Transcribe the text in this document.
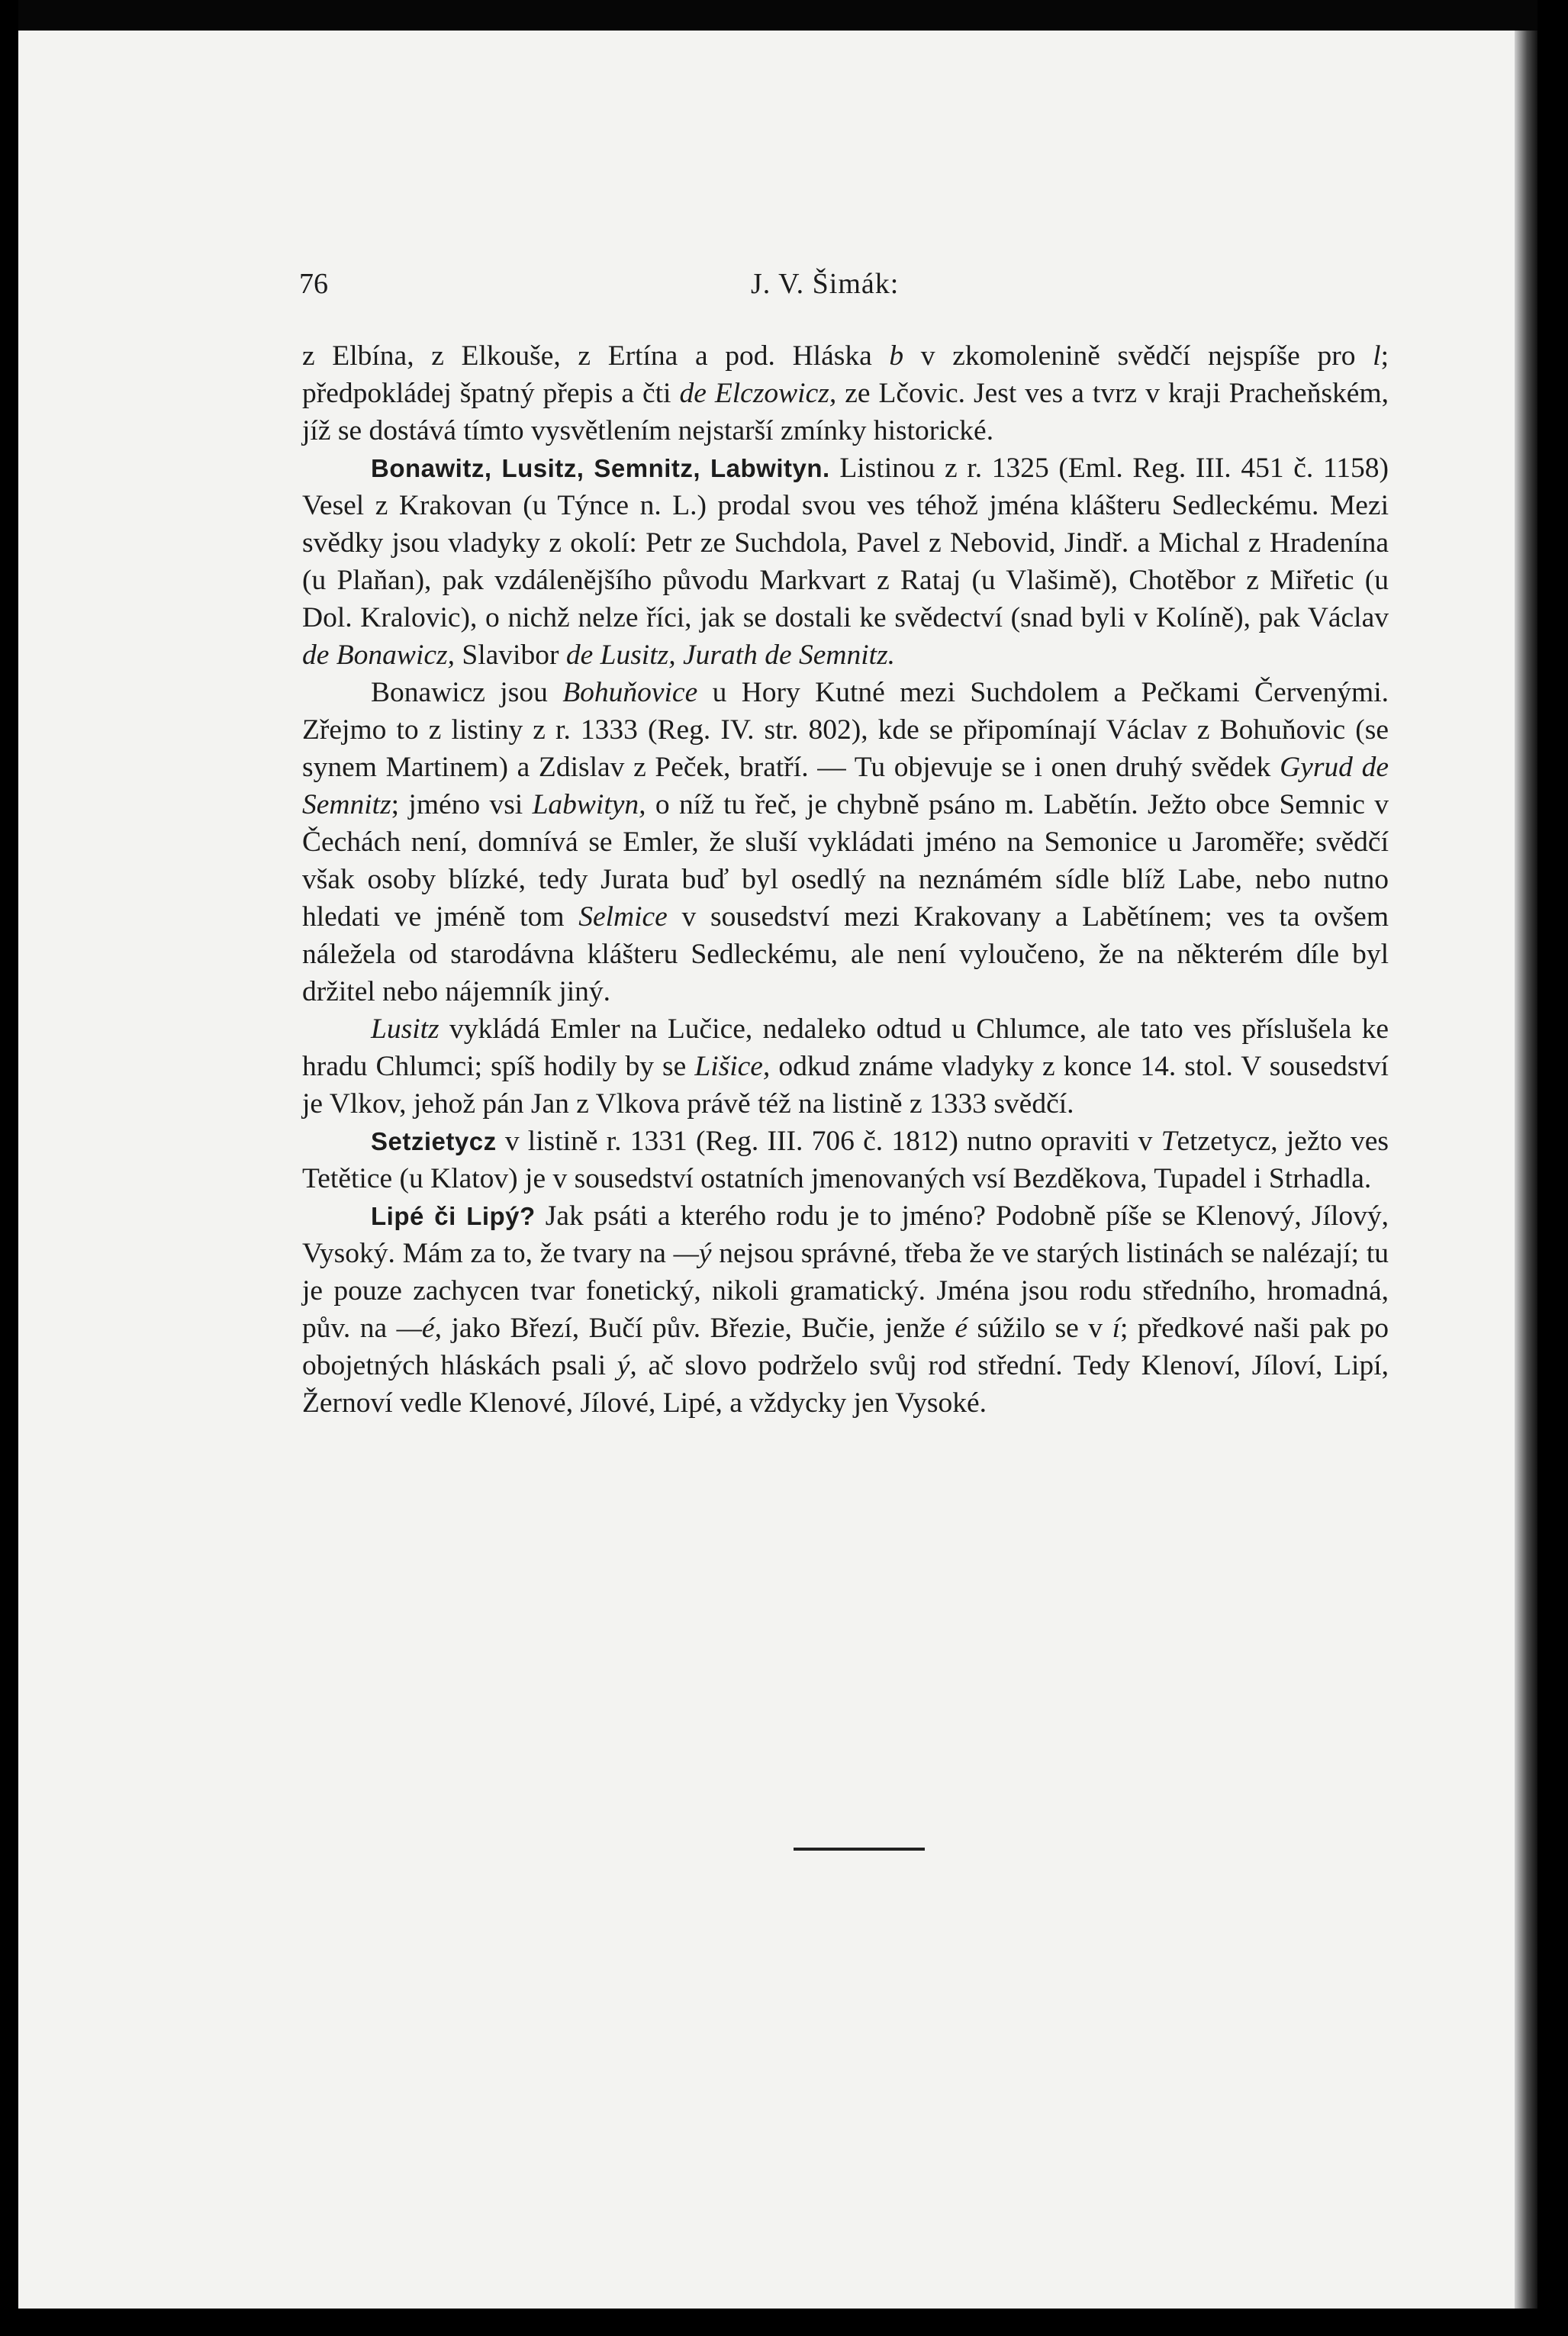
76	J. V. Šimák:

z Elbína, z Elkouše, z Ertína a pod. Hláska b v zkomolenině svědčí nejspíše pro l; předpokládej špatný přepis a čti de Elczowicz, ze Lčovic. Jest ves a tvrz v kraji Pracheňském, jíž se dostává tímto vysvětlením nejstarší zmínky historické.

Bonawitz, Lusitz, Semnitz, Labwityn. Listinou z r. 1325 (Eml. Reg. III. 451 č. 1158) Vesel z Krakovan (u Týnce n. L.) prodal svou ves téhož jména klášteru Sedleckému. Mezi svědky jsou vladyky z okolí: Petr ze Suchdola, Pavel z Nebovid, Jindř. a Michal z Hradenína (u Plaňan), pak vzdálenějšího původu Markvart z Rataj (u Vlašimě), Chotěbor z Miřetic (u Dol. Kralovic), o nichž nelze říci, jak se dostali ke svědectví (snad byli v Kolíně), pak Václav de Bonawicz, Slavibor de Lusitz, Jurath de Semnitz.

Bonawicz jsou Bohuňovice u Hory Kutné mezi Suchdolem a Pečkami Červenými. Zřejmo to z listiny z r. 1333 (Reg. IV. str. 802), kde se připomínají Václav z Bohuňovic (se synem Martinem) a Zdislav z Peček, bratří. — Tu objevuje se i onen druhý svědek Gyrud de Semnitz; jméno vsi Labwityn, o níž tu řeč, je chybně psáno m. Labětín. Ježto obce Semnic v Čechách není, domnívá se Emler, že sluší vykládati jméno na Semonice u Jaroměře; svědčí však osoby blízké, tedy Jurata buď byl osedlý na neznámém sídle blíž Labe, nebo nutno hledati ve jméně tom Selmice v sousedství mezi Krakovany a Labětínem; ves ta ovšem náležela od starodávna klášteru Sedleckému, ale není vyloučeno, že na některém díle byl držitel nebo nájemník jiný.

Lusitz vykládá Emler na Lučice, nedaleko odtud u Chlumce, ale tato ves příslušela ke hradu Chlumci; spíš hodily by se Lišice, odkud známe vladyky z konce 14. stol. V sousedství je Vlkov, jehož pán Jan z Vlkova právě též na listině z 1333 svědčí.

Setzietycz v listině r. 1331 (Reg. III. 706 č. 1812) nutno opraviti v Tetzetycz, ježto ves Tetětice (u Klatov) je v sousedství ostatních jmenovaných vsí Bezděkova, Tupadel i Strhadla.

Lipé či Lipý? Jak psáti a kterého rodu je to jméno? Podobně píše se Klenový, Jílový, Vysoký. Mám za to, že tvary na —ý nejsou správné, třeba že ve starých listinách se nalézají; tu je pouze zachycen tvar fonetický, nikoli gramatický. Jména jsou rodu středního, hromadná, pův. na —é, jako Březí, Bučí pův. Březie, Bučie, jenže é súžilo se v í; předkové naši pak po obojetných hláskách psali ý, ač slovo podrželo svůj rod střední. Tedy Klenoví, Jíloví, Lipí, Žernoví vedle Klenové, Jílové, Lipé, a vždycky jen Vysoké.
